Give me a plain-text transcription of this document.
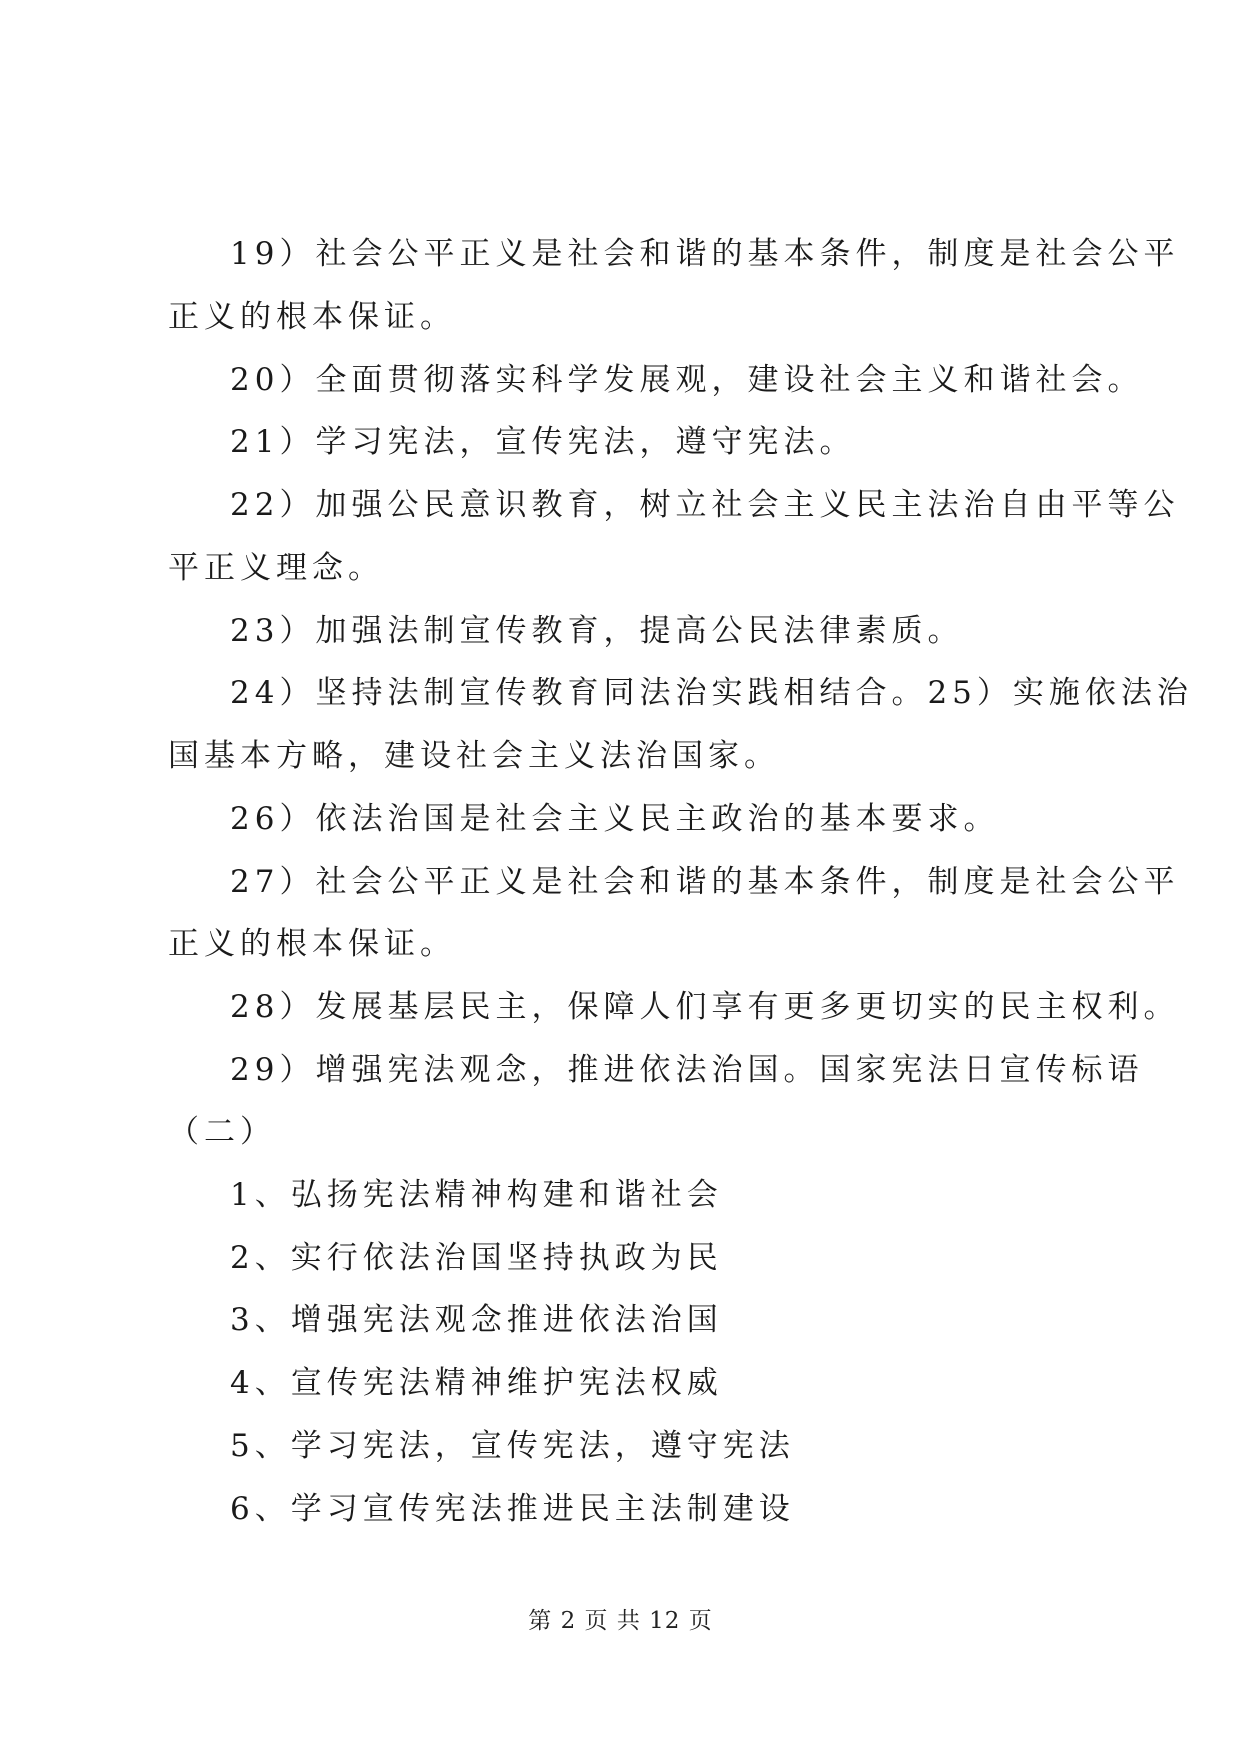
19）社会公平正义是社会和谐的基本条件，制度是社会公平
正义的根本保证。
20）全面贯彻落实科学发展观，建设社会主义和谐社会。
21）学习宪法，宣传宪法，遵守宪法。
22）加强公民意识教育，树立社会主义民主法治自由平等公
平正义理念。
23）加强法制宣传教育，提高公民法律素质。
24）坚持法制宣传教育同法治实践相结合。25）实施依法治
国基本方略，建设社会主义法治国家。
26）依法治国是社会主义民主政治的基本要求。
27）社会公平正义是社会和谐的基本条件，制度是社会公平
正义的根本保证。
28）发展基层民主，保障人们享有更多更切实的民主权利。
29）增强宪法观念，推进依法治国。国家宪法日宣传标语
（二）
1、弘扬宪法精神构建和谐社会
2、实行依法治国坚持执政为民
3、增强宪法观念推进依法治国
4、宣传宪法精神维护宪法权威
5、学习宪法，宣传宪法，遵守宪法
6、学习宣传宪法推进民主法制建设
第 2 页 共 12 页
